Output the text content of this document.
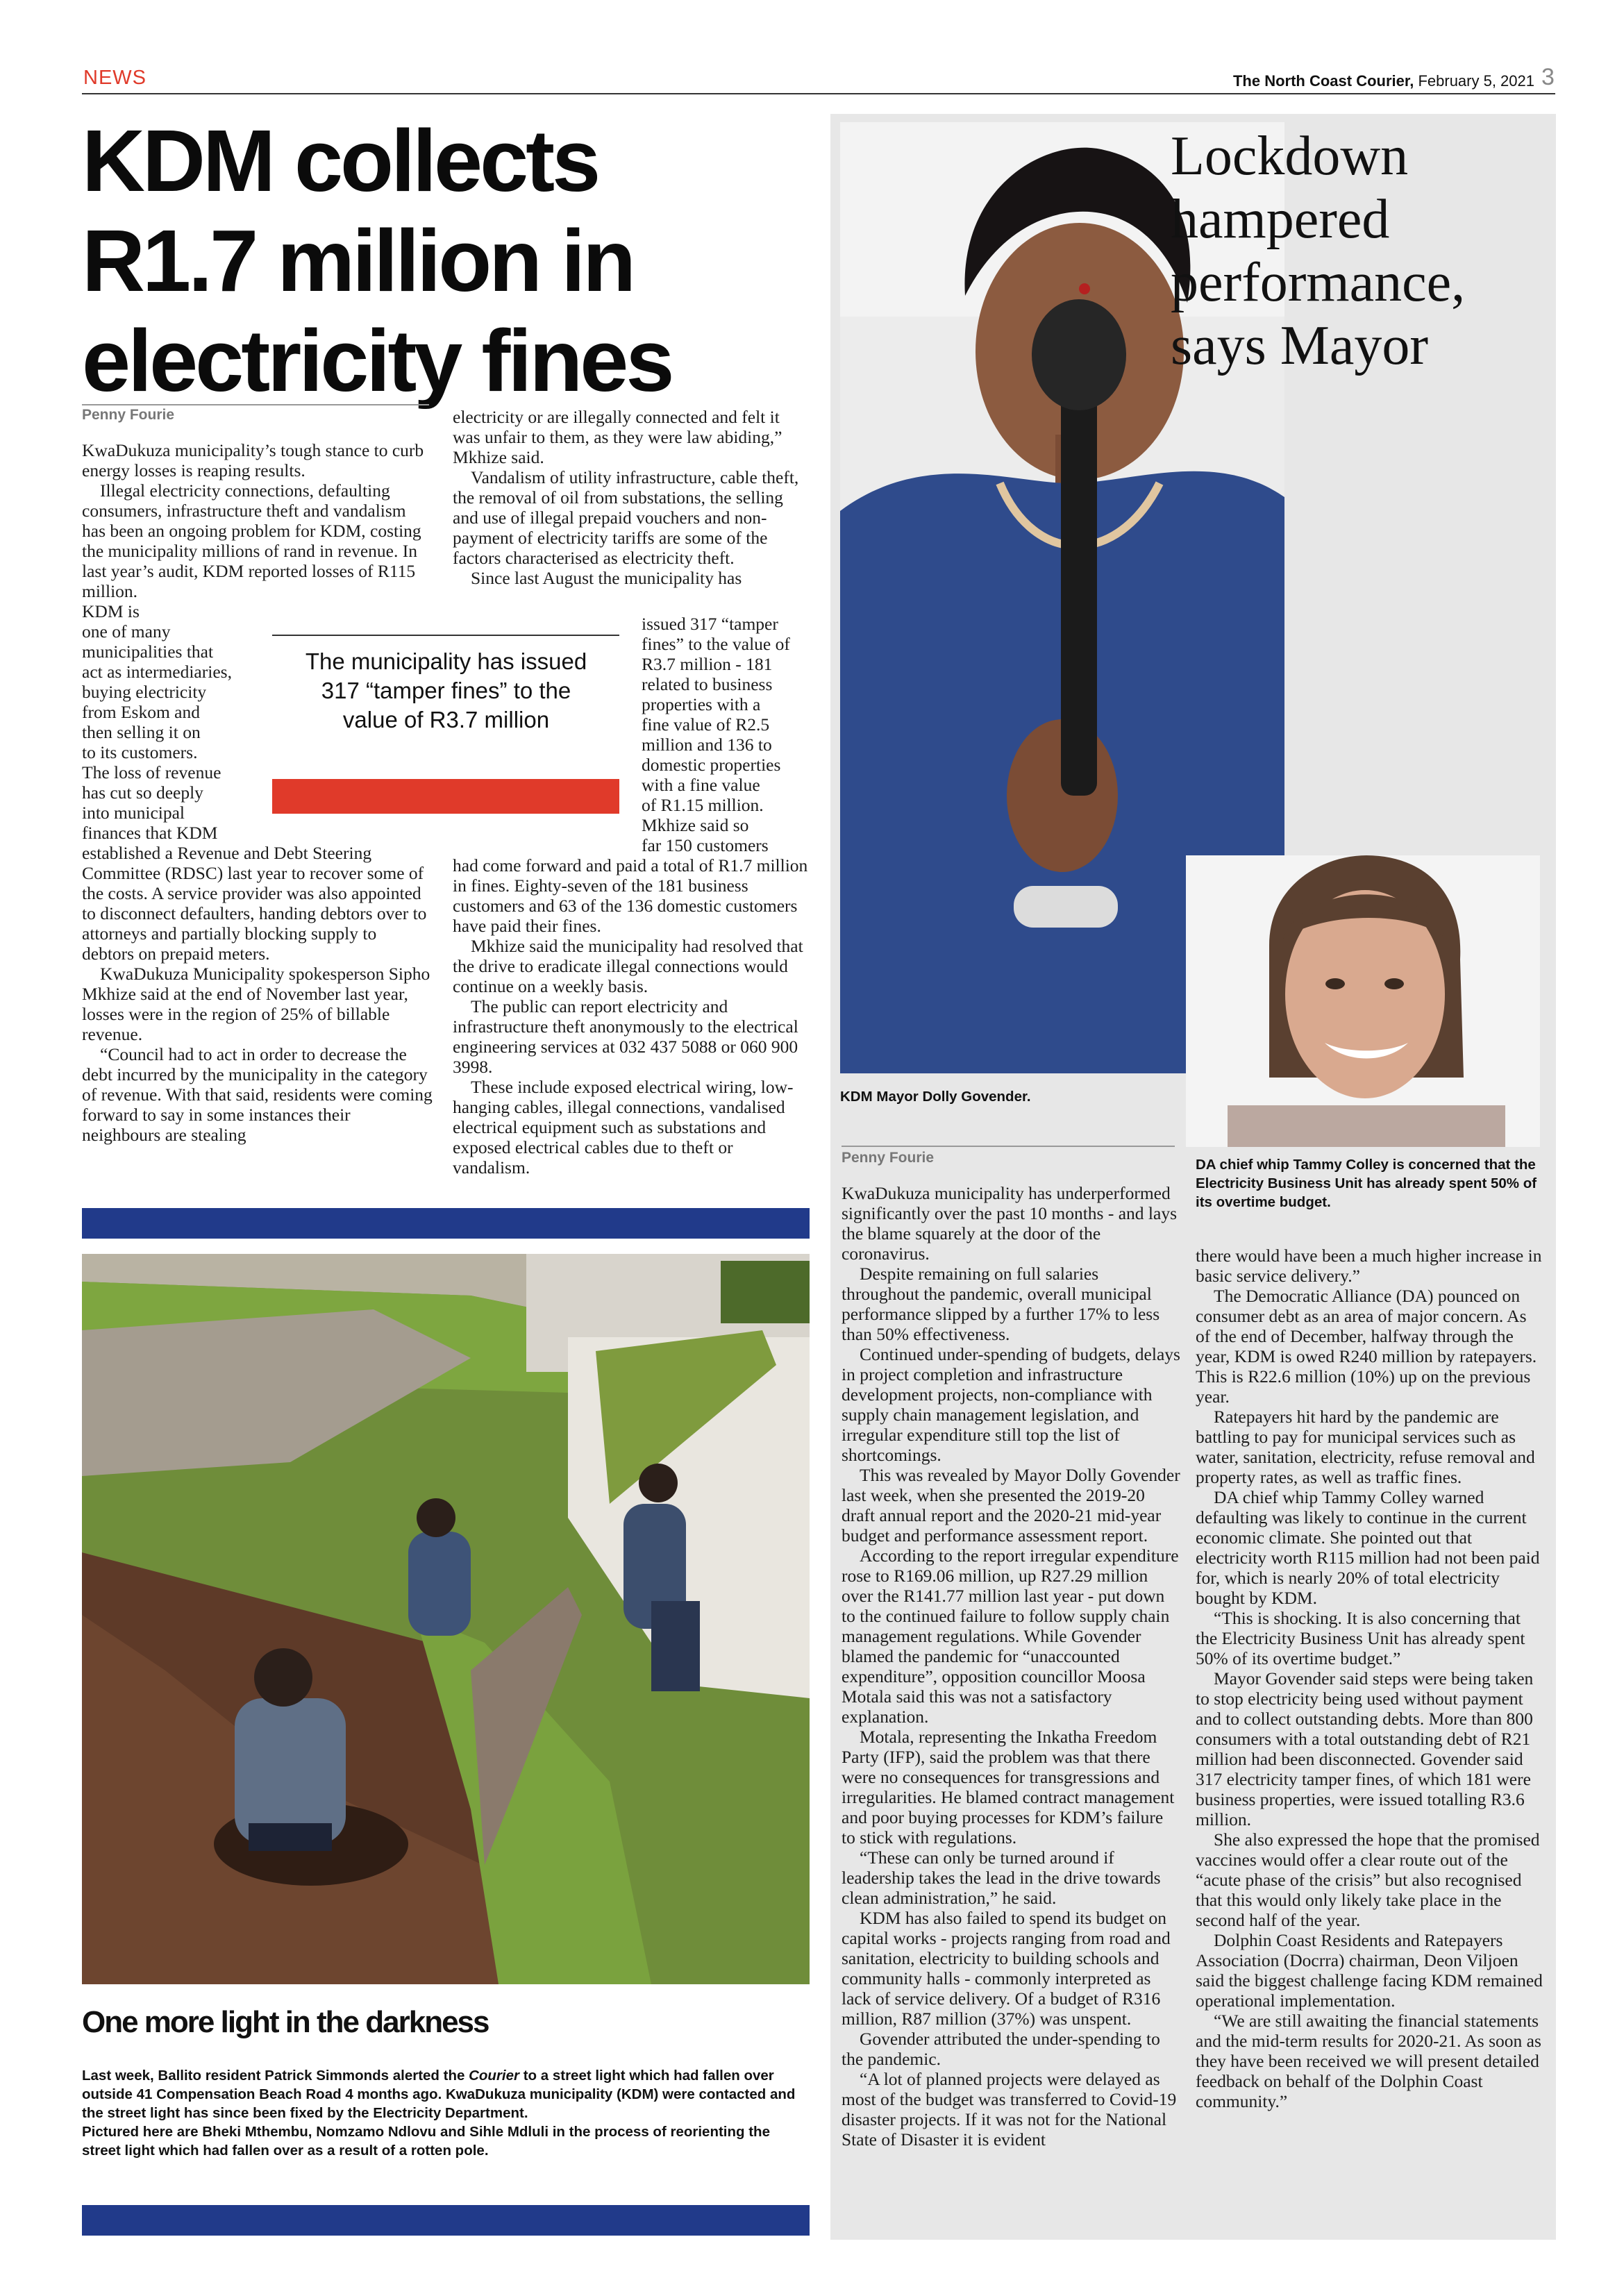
NEWS	The North Coast Courier, February 5, 2021 3
KDM collects
R1.7 million in
electricity fines
Penny Fourie

KwaDukuza municipality’s tough stance to curb energy losses is reaping results.

Illegal electricity connections, defaulting consumers, infrastructure theft and vandalism has been an ongoing problem for KDM, costing the municipality millions of rand in revenue. In last year’s audit, KDM reported losses of R115 million.

KDM is
one of many
municipalities that
act as intermediaries,
buying electricity
from Eskom and
then selling it on
to its customers.
The loss of revenue
has cut so deeply
into municipal
finances that KDM

established a Revenue and Debt Steering Committee (RDSC) last year to recover some of the costs. A service provider was also appointed to disconnect defaulters, handing debtors over to attorneys and partially blocking supply to debtors on prepaid meters.

KwaDukuza Municipality spokesperson Sipho Mkhize said at the end of November last year, losses were in the region of 25% of billable revenue.

“Council had to act in order to decrease the debt incurred by the municipality in the category of revenue. With that said, residents were coming forward to say in some instances their neighbours are stealing

The municipality has issued 317 “tamper fines” to the value of R3.7 million

electricity or are illegally connected and felt it was unfair to them, as they were law abiding,” Mkhize said.

Vandalism of utility infrastructure, cable theft, the removal of oil from substations, the selling and use of illegal prepaid vouchers and non-payment of electricity tariffs are some of the factors characterised as electricity theft.

Since last August the municipality has

issued 317 “tamper
fines” to the value of
R3.7 million - 181
related to business
properties with a
fine value of R2.5
million and 136 to
domestic properties
with a fine value
of R1.15 million.
Mkhize said so
far 150 customers

had come forward and paid a total of R1.7 million in fines. Eighty-seven of the 181 business customers and 63 of the 136 domestic customers have paid their fines.

Mkhize said the municipality had resolved that the drive to eradicate illegal connections would continue on a weekly basis.

The public can report electricity and infrastructure theft anonymously to the electrical engineering services at 032 437 5088 or 060 900 3998.

These include exposed electrical wiring, low-hanging cables, illegal connections, vandalised electrical equipment such as substations and exposed electrical cables due to theft or vandalism.

One more light in the darkness
Last week, Ballito resident Patrick Simmonds alerted the Courier to a street light which had fallen over outside 41 Compensation Beach Road 4 months ago. KwaDukuza municipality (KDM) were contacted and the street light has since been fixed by the Electricity Department.
Pictured here are Bheki Mthembu, Nomzamo Ndlovu and Sihle Mdluli in the process of reorienting the street light which had fallen over as a result of a rotten pole.
Lockdown
hampered
performance,
says Mayor
KDM Mayor Dolly Govender.
DA chief whip Tammy Colley is concerned that the Electricity Business Unit has already spent 50% of its overtime budget.
Penny Fourie

KwaDukuza municipality has underperformed significantly over the past 10 months - and lays the blame squarely at the door of the coronavirus.

Despite remaining on full salaries throughout the pandemic, overall municipal performance slipped by a further 17% to less than 50% effectiveness.

Continued under-spending of budgets, delays in project completion and infrastructure development projects, non-compliance with supply chain management legislation, and irregular expenditure still top the list of shortcomings.

This was revealed by Mayor Dolly Govender last week, when she presented the 2019-20 draft annual report and the 2020-21 mid-year budget and performance assessment report.

According to the report irregular expenditure rose to R169.06 million, up R27.29 million over the R141.77 million last year - put down to the continued failure to follow supply chain management regulations. While Govender blamed the pandemic for “unaccounted expenditure”, opposition councillor Moosa Motala said this was not a satisfactory explanation.

Motala, representing the Inkatha Freedom Party (IFP), said the problem was that there were no consequences for transgressions and irregularities. He blamed contract management and poor buying processes for KDM’s failure to stick with regulations.

“These can only be turned around if leadership takes the lead in the drive towards clean administration,” he said.

KDM has also failed to spend its budget on capital works - projects ranging from road and sanitation, electricity to building schools and community halls - commonly interpreted as lack of service delivery. Of a budget of R316 million, R87 million (37%) was unspent.

Govender attributed the under-spending to the pandemic.

“A lot of planned projects were delayed as most of the budget was transferred to Covid-19 disaster projects. If it was not for the National State of Disaster it is evident

there would have been a much higher increase in basic service delivery.”

The Democratic Alliance (DA) pounced on consumer debt as an area of major concern. As of the end of December, halfway through the year, KDM is owed R240 million by ratepayers. This is R22.6 million (10%) up on the previous year.

Ratepayers hit hard by the pandemic are battling to pay for municipal services such as water, sanitation, electricity, refuse removal and property rates, as well as traffic fines.

DA chief whip Tammy Colley warned defaulting was likely to continue in the current economic climate. She pointed out that electricity worth R115 million had not been paid for, which is nearly 20% of total electricity bought by KDM.

“This is shocking. It is also concerning that the Electricity Business Unit has already spent 50% of its overtime budget.”

Mayor Govender said steps were being taken to stop electricity being used without payment and to collect outstanding debts. More than 800 consumers with a total outstanding debt of R21 million had been disconnected. Govender said 317 electricity tamper fines, of which 181 were business properties, were issued totalling R3.6 million.

She also expressed the hope that the promised vaccines would offer a clear route out of the “acute phase of the crisis” but also recognised that this would only likely take place in the second half of the year.

Dolphin Coast Residents and Ratepayers Association (Docrra) chairman, Deon Viljoen said the biggest challenge facing KDM remained operational implementation.

“We are still awaiting the financial statements and the mid-term results for 2020-21. As soon as they have been received we will present detailed feedback on behalf of the Dolphin Coast community.”
